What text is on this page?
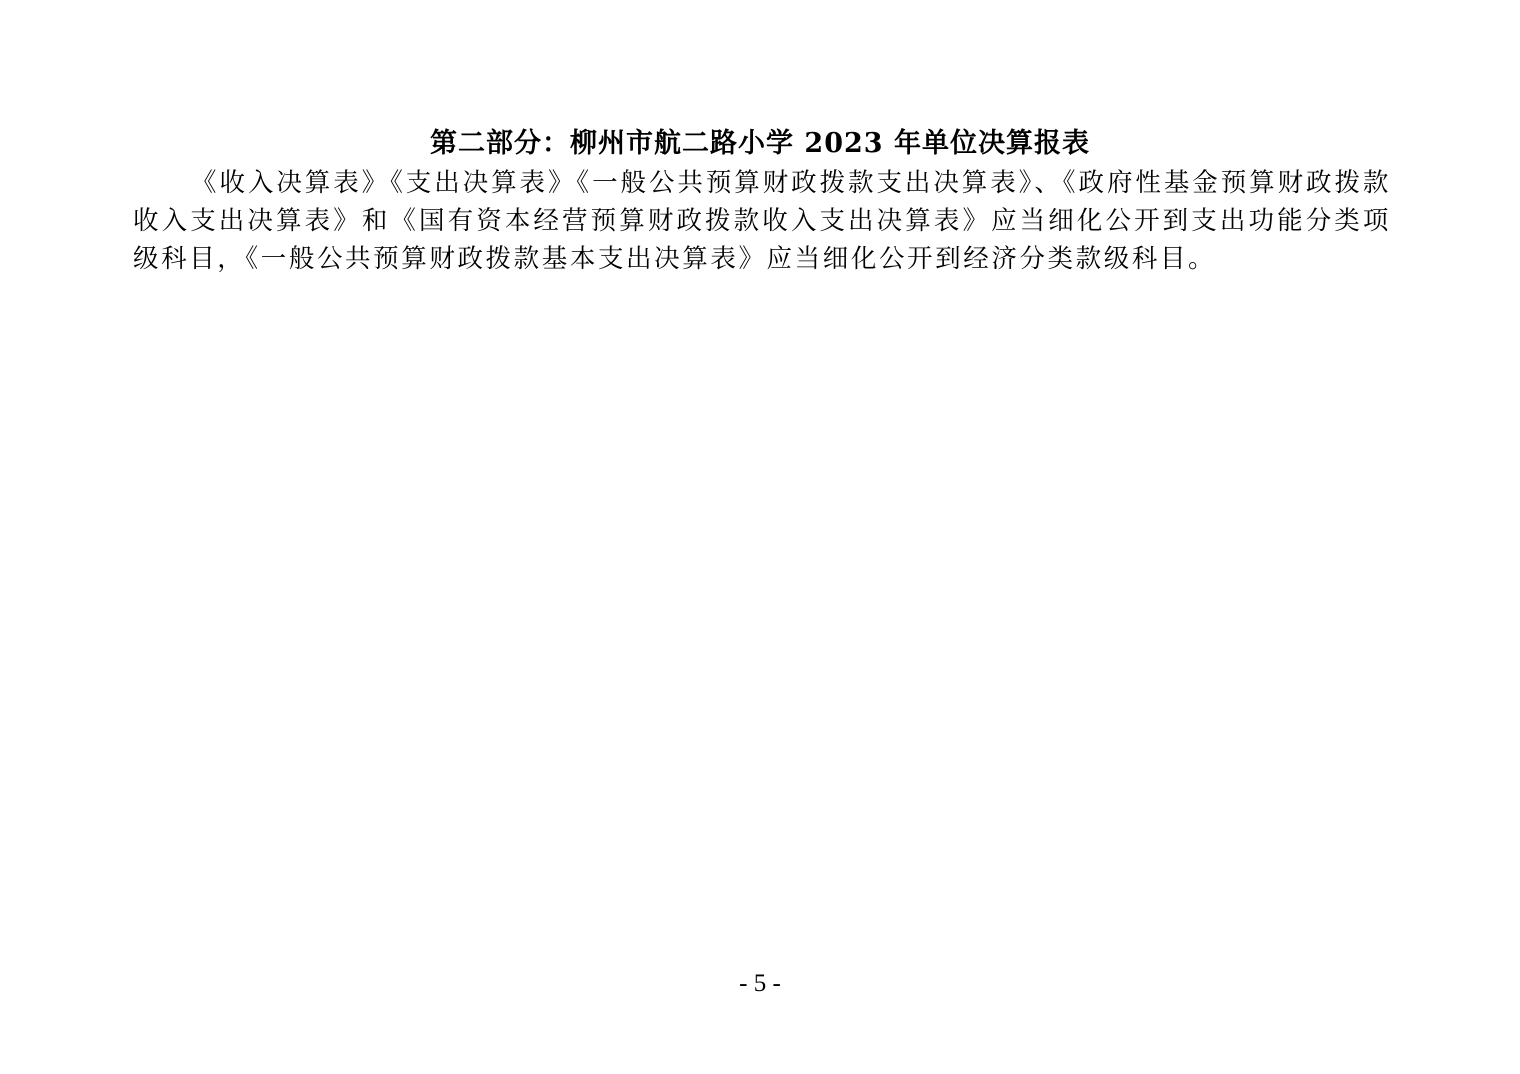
第二部分：柳州市航二路小学 2023 年单位决算报表

《收入决算表》《支出决算表》《一般公共预算财政拨款支出决算表》、《政府性基金预算财政拨款收入支出决算表》和《国有资本经营预算财政拨款收入支出决算表》应当细化公开到支出功能分类项级科目，《一般公共预算财政拨款基本支出决算表》应当细化公开到经济分类款级科目。

- 5 -
